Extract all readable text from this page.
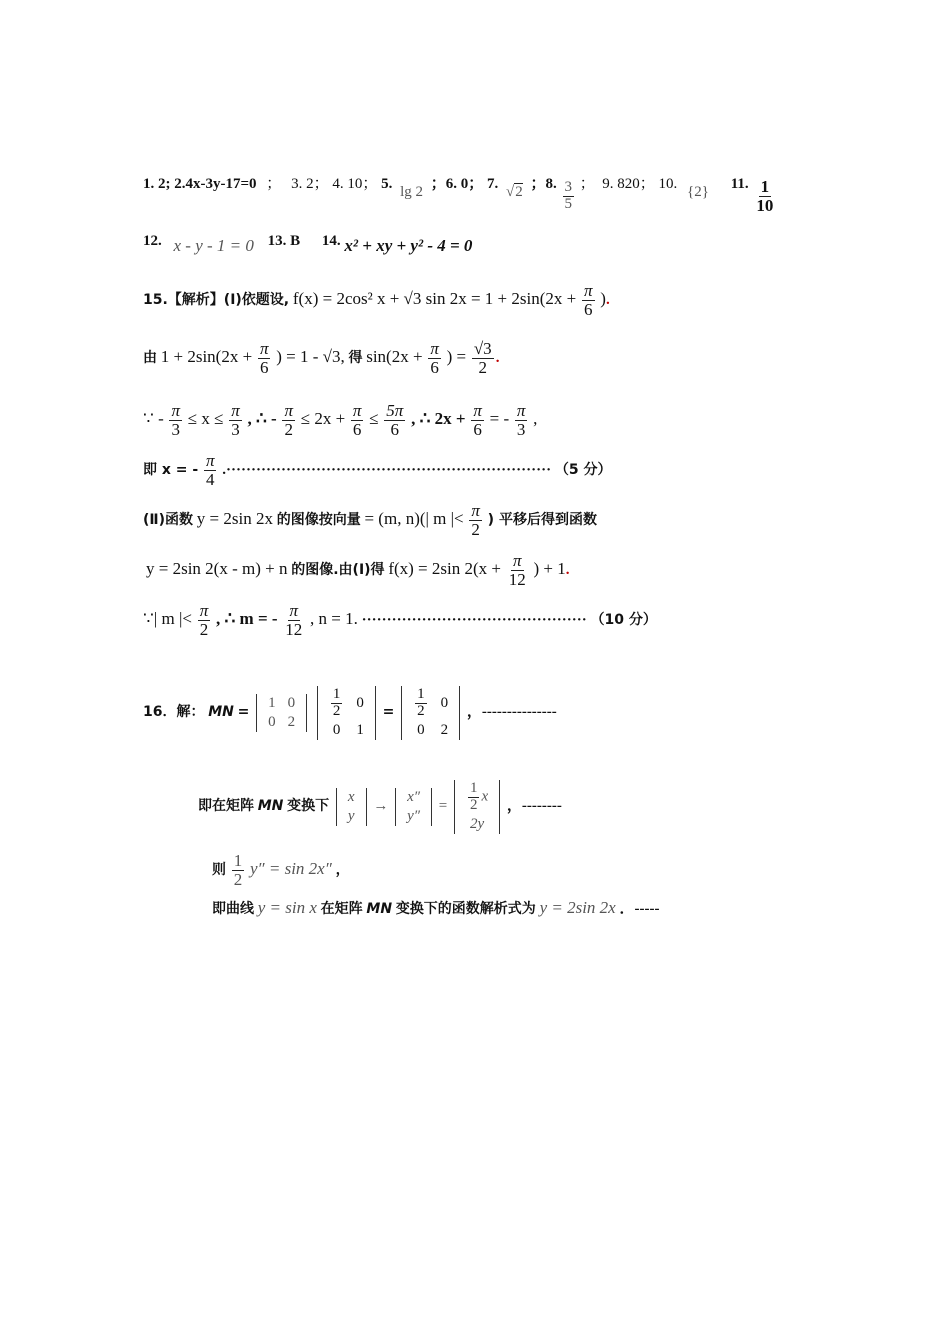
1. 2; 2.4x-3y-17=0 ； 3. 2； 4. 10； 5. lg 2 ；6. 0； 7. √2 ；8. $\frac{3}{5}$ ；　9. 820； 10. {2} 11. $\frac{1}{10}$
12. x - y - 1 = 0 13. B 14. x² + xy + y² - 4 = 0
15.【解析】(Ⅰ)依题设, f(x) = 2cos² x + √3 $\sin 2x = 1 + 2\sin(2x + \frac{\pi}{6}$ ).
由 $1 + 2\sin(2x + \frac{\pi}{6}$ ) = 1 - √3, 得 $\sin(2x + \frac{\pi}{6}$ ) = $\frac{√3}{2}$ .
∵ - $\frac{\pi}{3} \le x \le \frac{\pi}{3}$ , ∴ - $\frac{\pi}{2} \le 2x + \frac{\pi}{6} \le \frac{5\pi}{6}$ , ∴ $2x + \frac{\pi}{6}$ = - $\frac{\pi}{3}$ ,
即 x = - $\frac{\pi}{4}$ .································································· （5 分）
(Ⅱ)函数 y = 2sin 2x 的图像按向量 = (m, n)(| m |< $\frac{\pi}{2}$ ) 平移后得到函数
y = 2sin 2(x - m) + n 的图像.由(Ⅰ)得 f(x) = 2sin $2(x + \frac{\pi}{12}$ ) + 1.
∵| m |< $\frac{\pi}{2}$ , ∴ m = - $\frac{\pi}{12}$ , n = 1. ············································· （10 分）
16．解： MN =
1	0
0	2

$\frac{1}{2}$	0
0	1
= $\frac{1}{2}$	0
0	2
，---------------
即在矩阵 MN 变换下
x
y
→
x″
y″
= $\frac{1}{2}$ x
2y
，--------
则 $\frac{1}{2} y'' = \sin 2x''$ ，
即曲线 y = sin x 在矩阵 MN 变换下的函数解析式为 y = 2sin 2x ．-----
